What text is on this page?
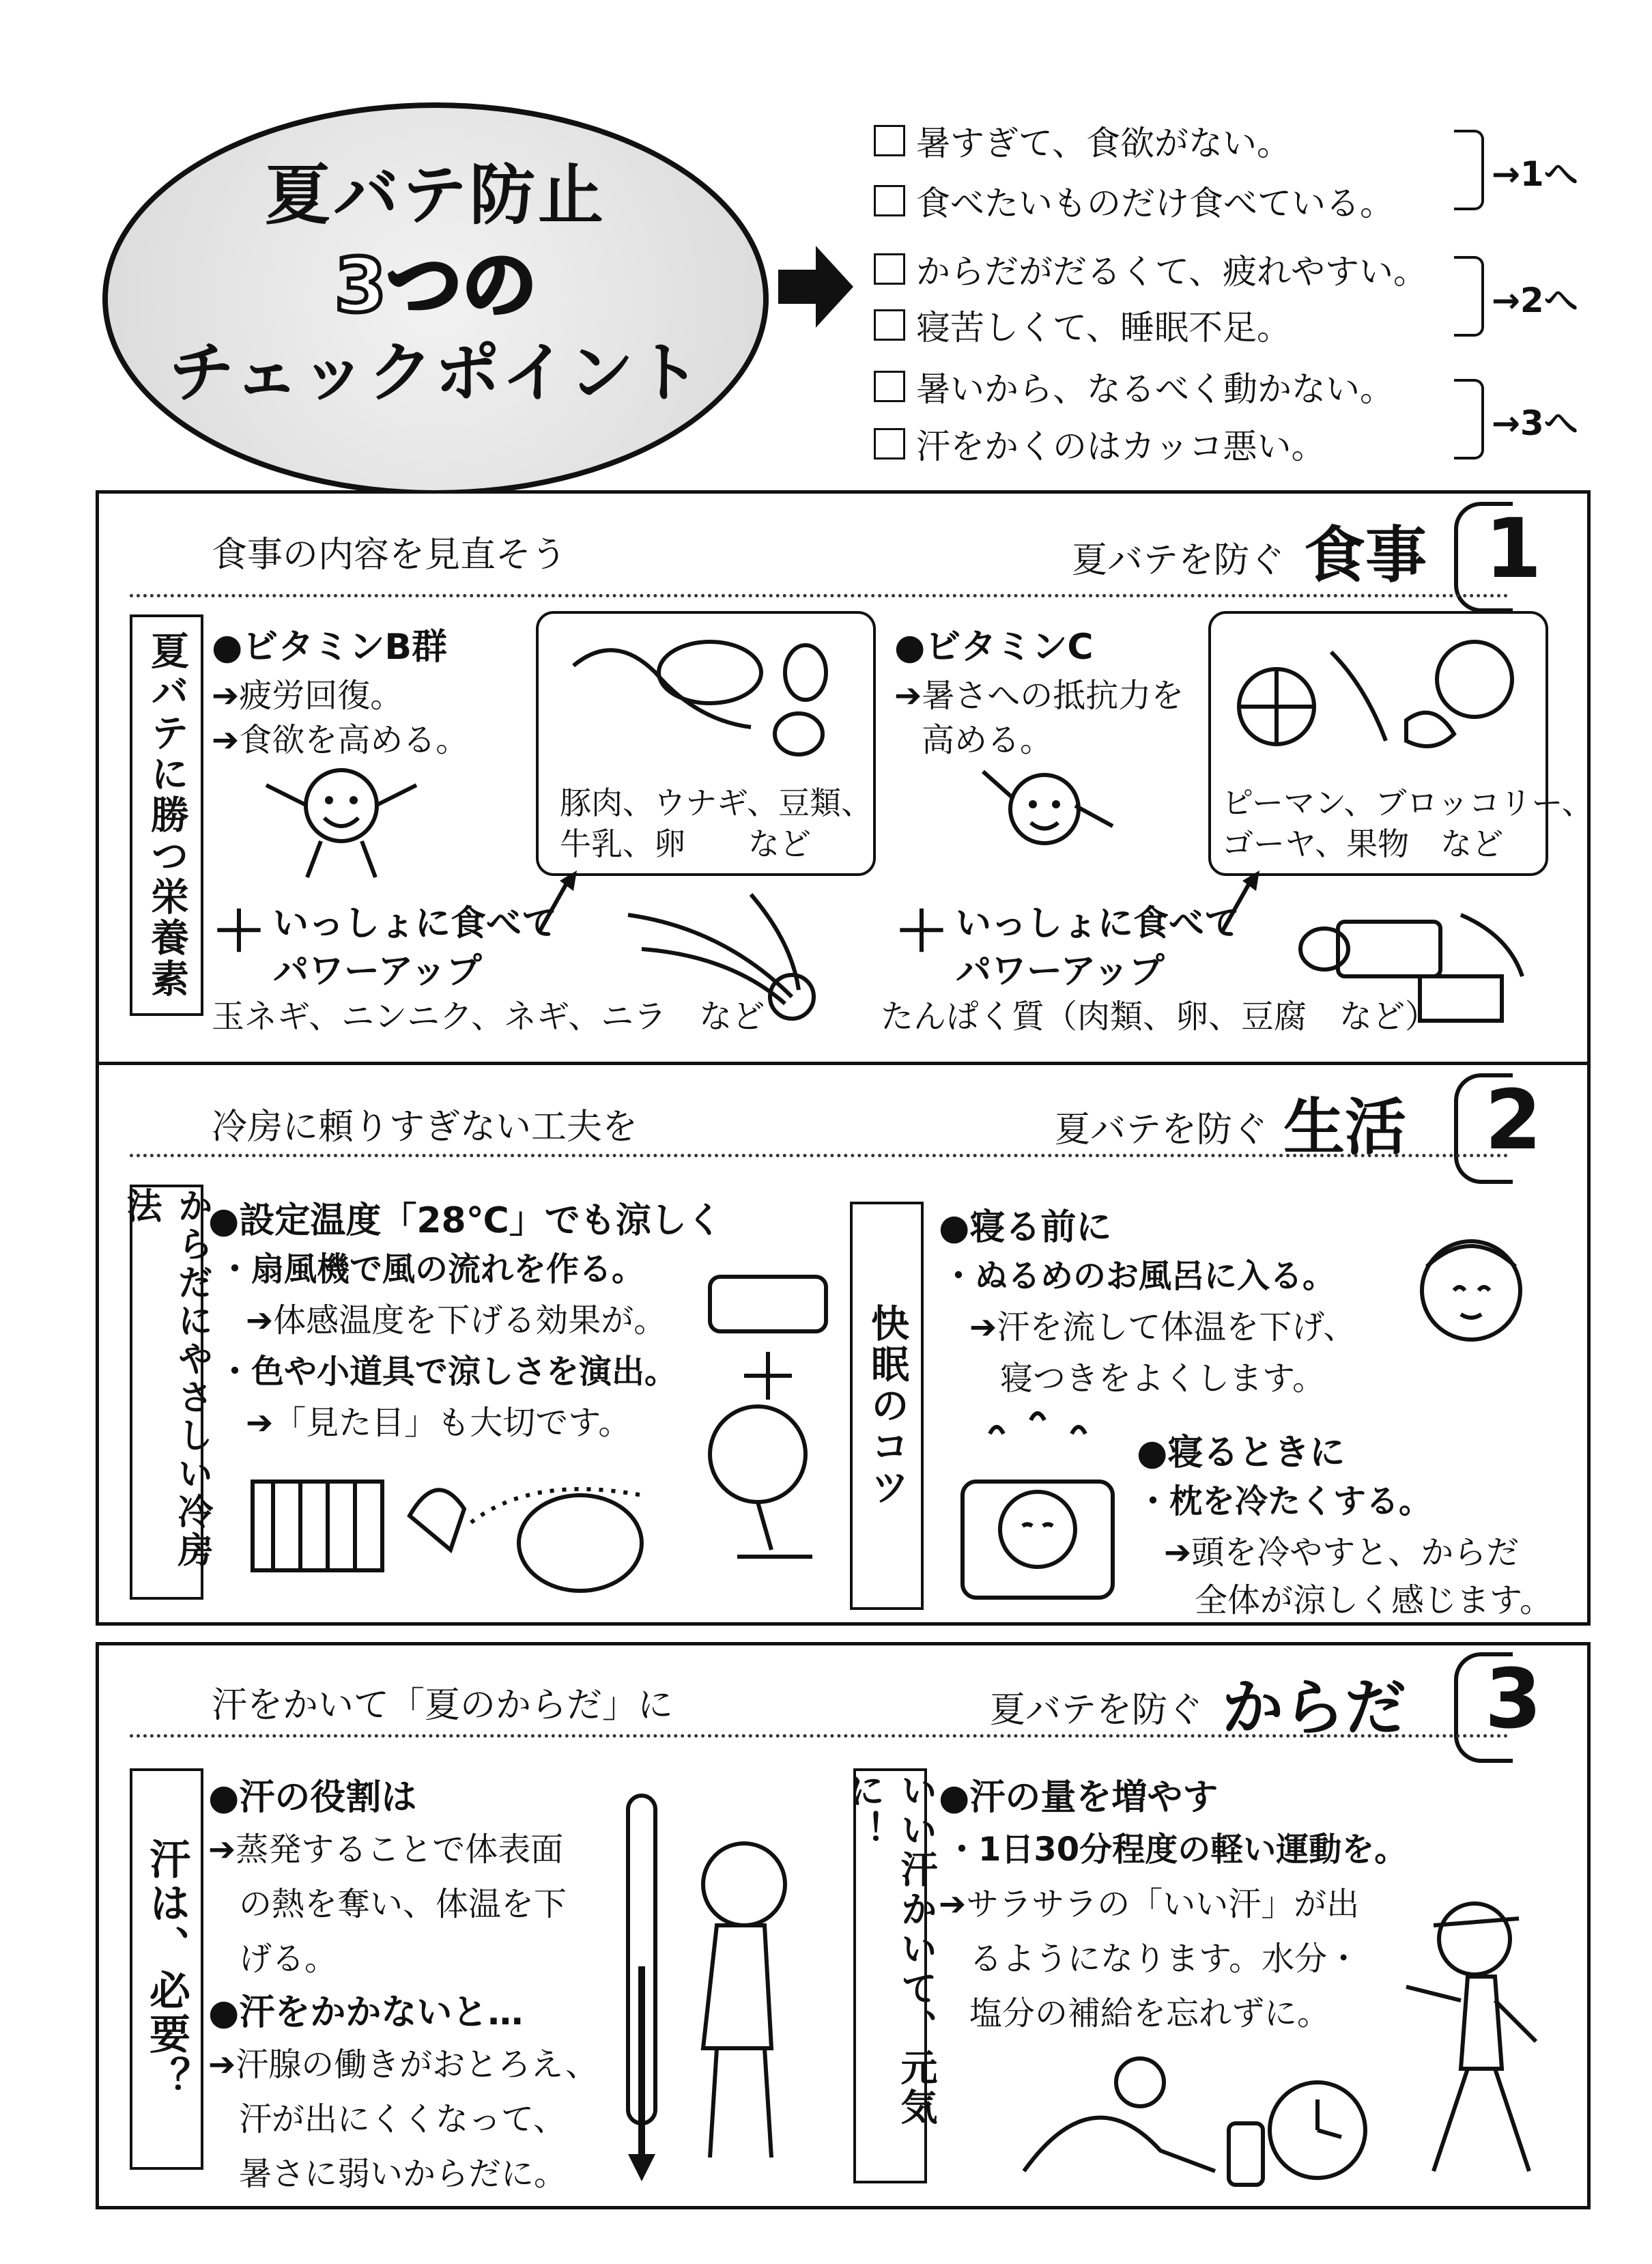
夏バテ防止
3つの
チェックポイント
暑すぎて、食欲がない。
食べたいものだけ食べている。
からだがだるくて、疲れやすい。
寝苦しくて、睡眠不足。
暑いから、なるべく動かない。
汗をかくのはカッコ悪い。
→1へ
→2へ
→3へ
食事の内容を見直そう	夏バテを防ぐ 食事 1
夏バテに勝つ栄養素 ●ビタミンB群
➔疲労回復。
➔食欲を高める。
豚肉、ウナギ、豆類、
牛乳、卵　　など
●ビタミンC
➔暑さへの抵抗力を
高める。
ピーマン、ブロッコリー、
ゴーヤ、果物　など
＋ いっしょに食べて
パワーアップ
玉ネギ、ニンニク、ネギ、ニラ　など
＋ いっしょに食べて
パワーアップ
たんぱく質（肉類、卵、豆腐　など）
冷房に頼りすぎない工夫を	夏バテを防ぐ 生活 2
からだにやさしい冷房法	●設定温度「28℃」でも涼しく
・扇風機で風の流れを作る。
➔体感温度を下げる効果が。
・色や小道具で涼しさを演出。
➔「見た目」も大切です。	快眠のコツ
●寝る前に
・ぬるめのお風呂に入る。
➔汗を流して体温を下げ、
寝つきをよくします。
●寝るときに
・枕を冷たくする。
➔頭を冷やすと、からだ
全体が涼しく感じます。
汗をかいて「夏のからだ」に	夏バテを防ぐ からだ 3
汗は、必要？
●汗の役割は
➔蒸発することで体表面
の熱を奪い、体温を下
げる。
●汗をかかないと…
➔汗腺の働きがおとろえ、
汗が出にくくなって、
暑さに弱いからだに。
いい汗かいて、元気に！	●汗の量を増やす
・1日30分程度の軽い運動を。
➔サラサラの「いい汗」が出
るようになります。水分・
塩分の補給を忘れずに。
